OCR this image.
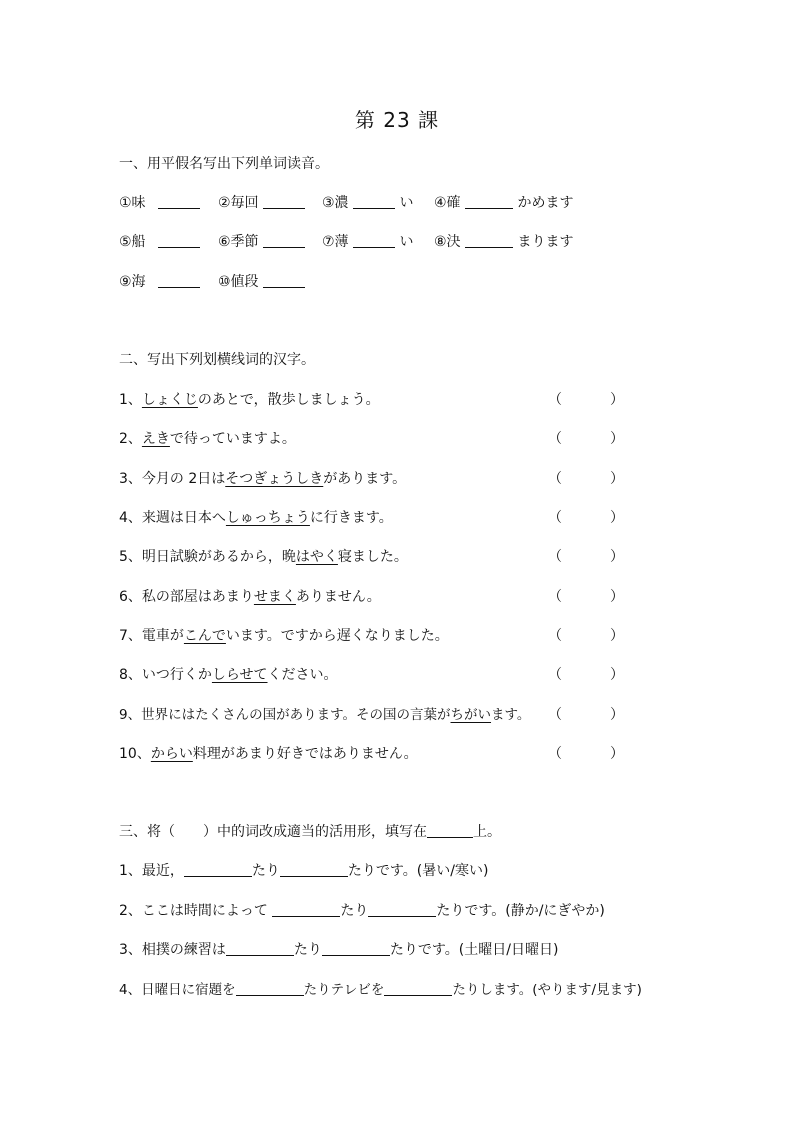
第 23 課
一、用平假名写出下列单词读音。
①味	②毎回	③濃	い ④確	かめます
⑤船	⑥季節	⑦薄	い ⑧決	まります
⑨海	⑩値段
二、写出下列划横线词的汉字。
1、しょくじのあとで，散歩しましょう。	（	）
2、えきで待っていますよ。	（	）
3、今月の 2日はそつぎょうしきがあります。	（	）
4、来週は日本へしゅっちょうに行きます。	（	）
5、明日試験があるから，晩はやく寝ました。	（	）
6、私の部屋はあまりせまくありません。	（	）
7、電車がこんでいます。ですから遅くなりました。	（	）
8、いつ行くかしらせてください。	（	）
9、世界にはたくさんの国があります。その国の言葉がちがいます。 （	）
10、からい料理があまり好きではありません。	（	）
三、将（　　）中的词改成適当的活用形，填写在	上。
1、最近，	たり	たりです。(暑い/寒い)
2、ここは時間によって	たり	たりです。(静か/にぎやか)
3、相撲の練習は	たり	たりです。(土曜日/日曜日)
4、日曜日に宿題を	たりテレビを	たりします。(やります/見ます)
